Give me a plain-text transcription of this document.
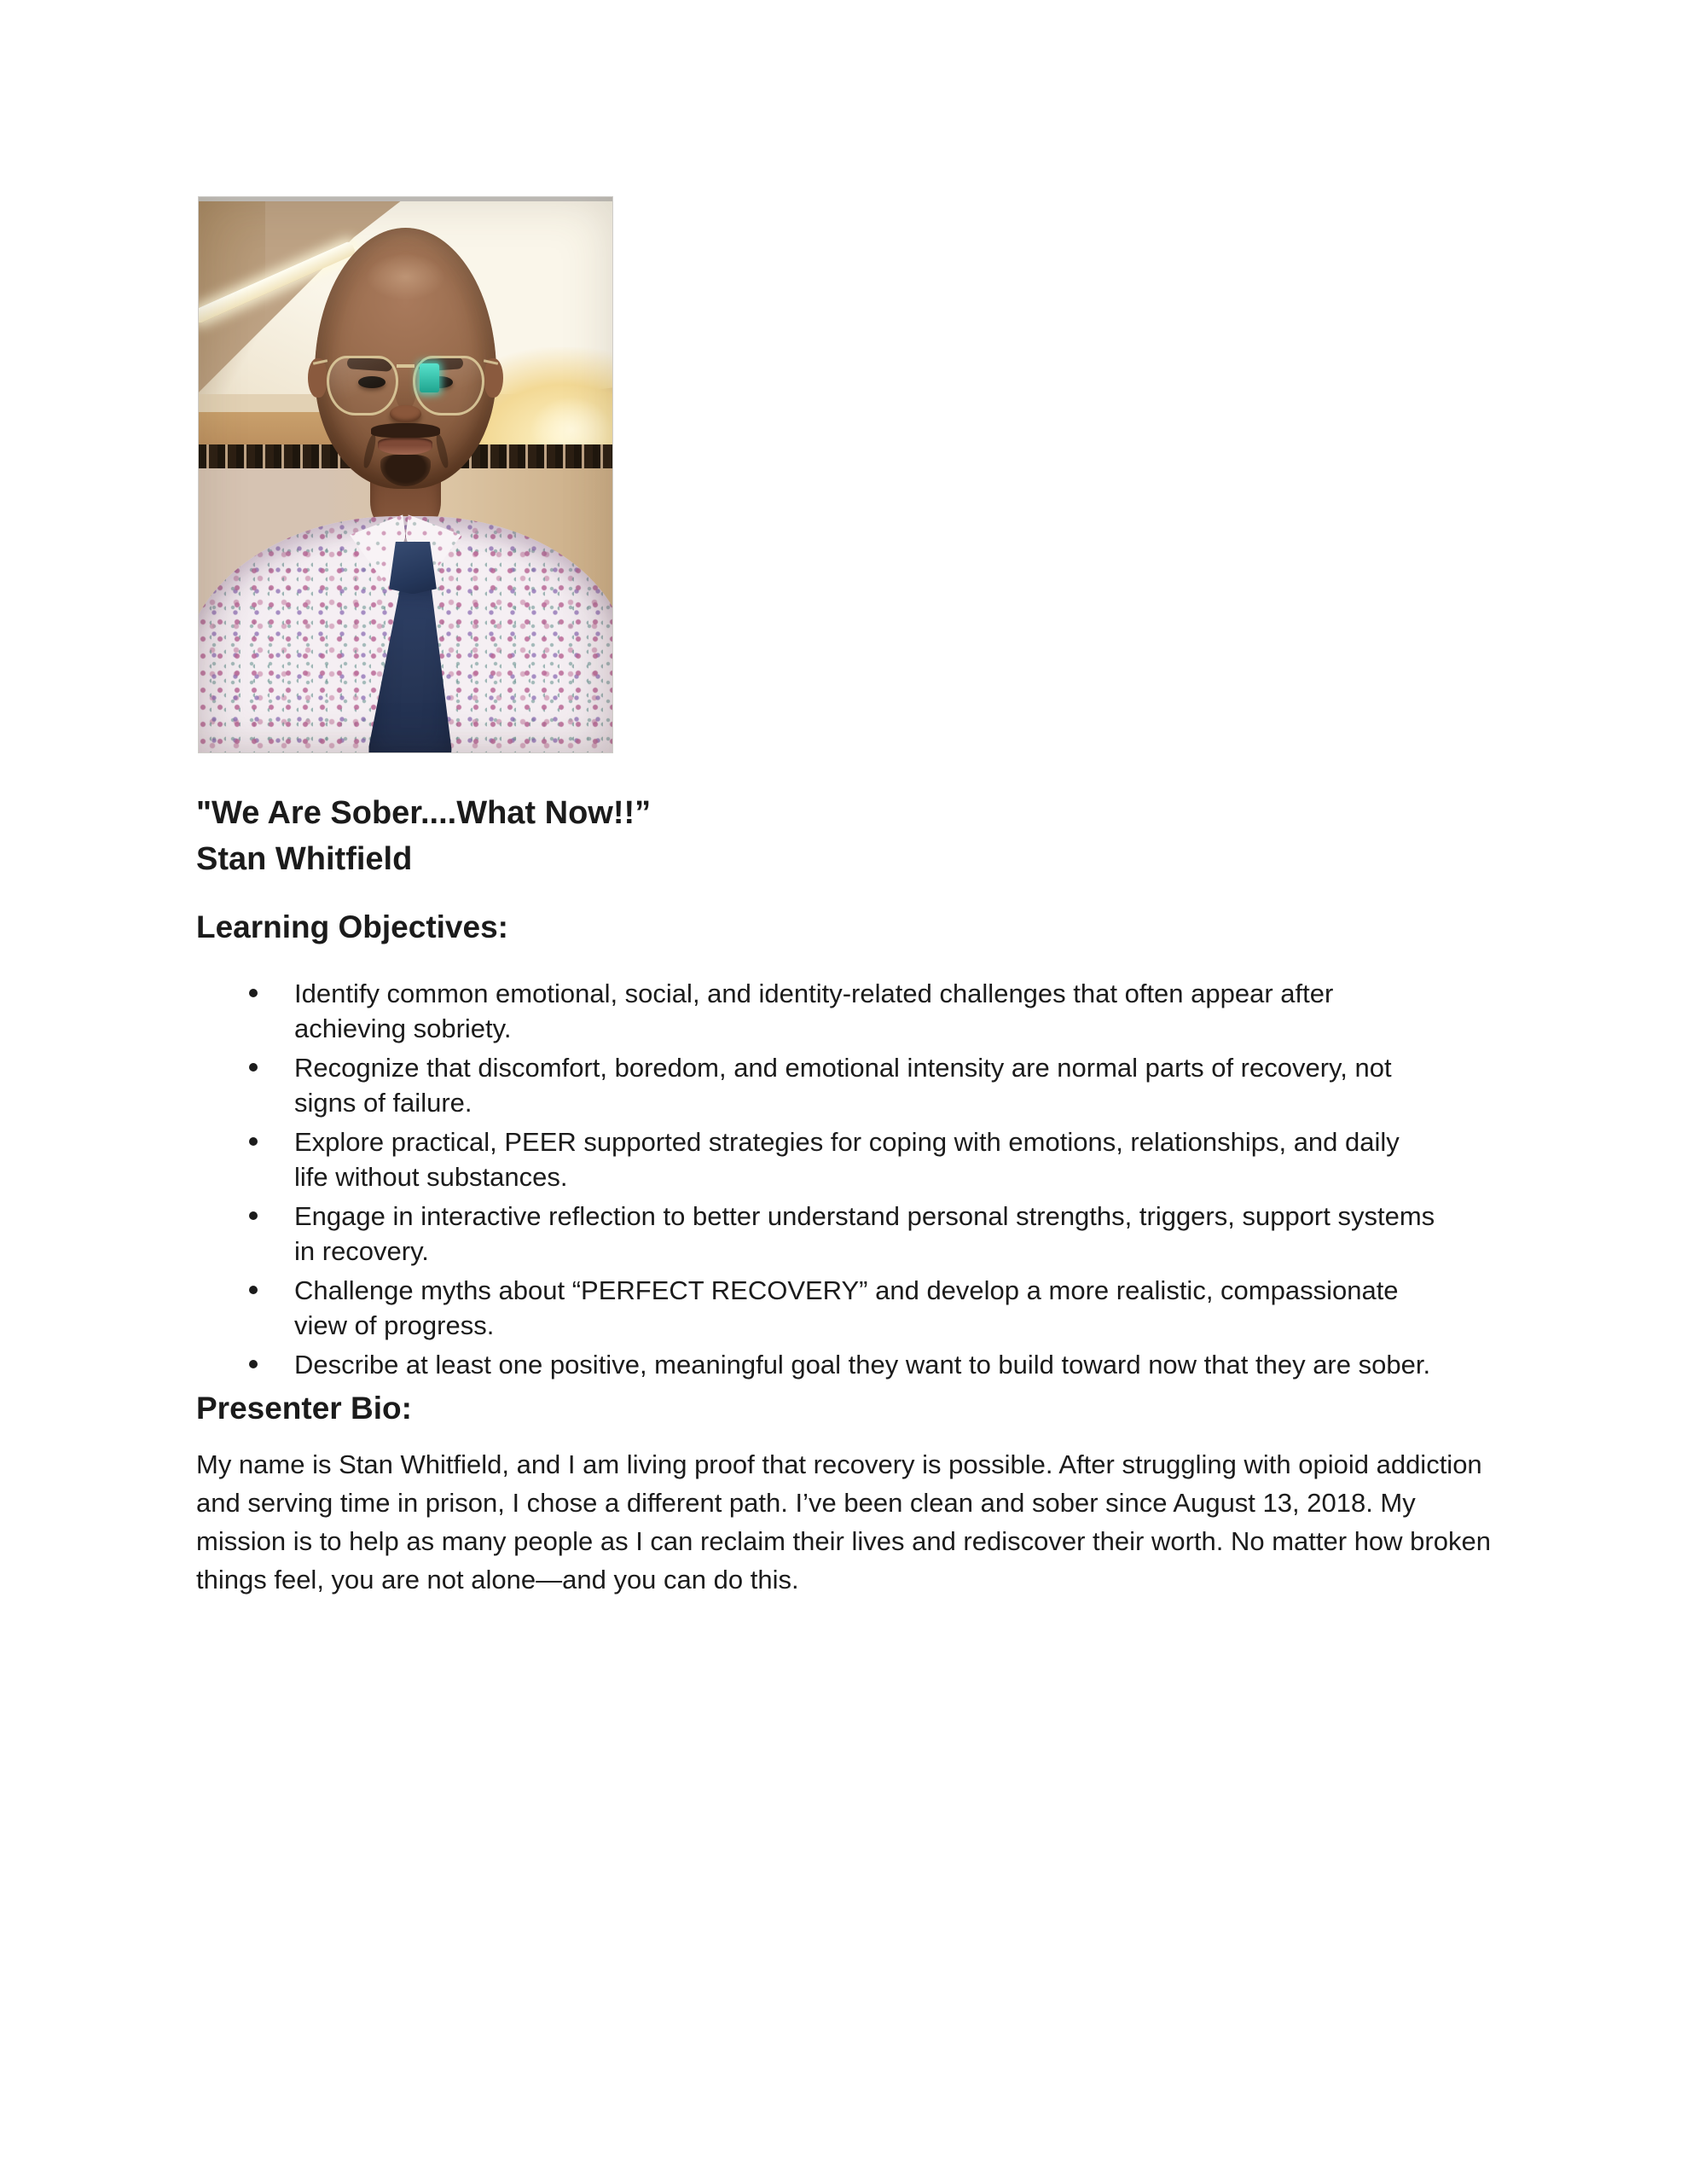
"We Are Sober....What Now!!”
Stan Whitfield
Learning Objectives:
Identify common emotional, social, and identity-related challenges that often appear after achieving sobriety.
Recognize that discomfort, boredom, and emotional intensity are normal parts of recovery, not signs of failure.
Explore practical, PEER supported strategies for coping with emotions, relationships, and daily life without substances.
Engage in interactive reflection to better understand personal strengths, triggers, support systems in recovery.
Challenge myths about “PERFECT RECOVERY” and develop a more realistic, compassionate view of progress.
Describe at least one positive, meaningful goal they want to build toward now that they are sober.
Presenter Bio:

My name is Stan Whitfield, and I am living proof that recovery is possible. After struggling with opioid addiction and serving time in prison, I chose a different path. I’ve been clean and sober since August 13, 2018. My mission is to help as many people as I can reclaim their lives and rediscover their worth. No matter how broken things feel, you are not alone—and you can do this.
